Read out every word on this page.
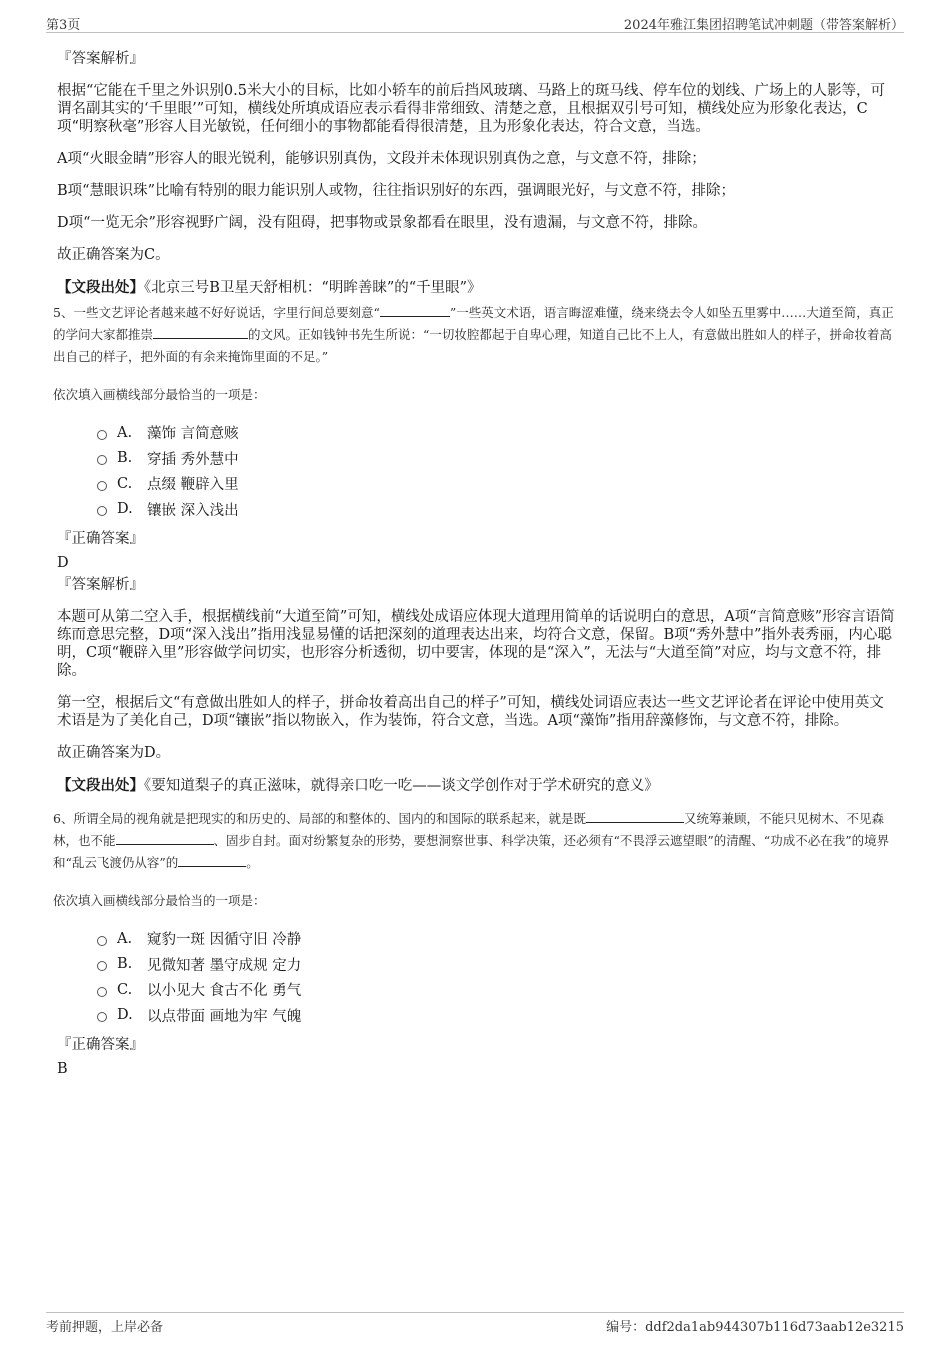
第3页	2024年雅江集团招聘笔试冲刺题（带答案解析）
『答案解析』

根据“它能在千里之外识别0.5米大小的目标，比如小轿车的前后挡风玻璃、马路上的斑马线、停车位的划线、广场上的人影等，可谓名副其实的‘千里眼’”可知，横线处所填成语应表示看得非常细致、清楚之意，且根据双引号可知，横线处应为形象化表达，C项“明察秋毫”形容人目光敏锐，任何细小的事物都能看得很清楚，且为形象化表达，符合文意，当选。

A项“火眼金睛”形容人的眼光锐利，能够识别真伪，文段并未体现识别真伪之意，与文意不符，排除；

B项“慧眼识珠”比喻有特别的眼力能识别人或物，往往指识别好的东西，强调眼光好，与文意不符，排除；

D项“一览无余”形容视野广阔，没有阻碍，把事物或景象都看在眼里，没有遗漏，与文意不符，排除。

故正确答案为C。

【文段出处】《北京三号B卫星天舒相机：“明眸善睐”的“千里眼”》

5、一些文艺评论者越来越不好好说话，字里行间总要刻意“	”一些英文术语，语言晦涩难懂，绕来绕去令人如坠五里雾中……大道至简，真正的学问大家都推崇	的文风。正如钱钟书先生所说：“一切妆腔都起于自卑心理，知道自己比不上人，有意做出胜如人的样子，拼命妆着高出自己的样子，把外面的有余来掩饰里面的不足。”

依次填入画横线部分最恰当的一项是：

A.	藻饰 言简意赅
B.	穿插 秀外慧中
C.	点缀 鞭辟入里
D. 镶嵌 深入浅出
『正确答案』
D
『答案解析』

本题可从第二空入手，根据横线前“大道至简”可知，横线处成语应体现大道理用简单的话说明白的意思，A项“言简意赅”形容言语简练而意思完整，D项“深入浅出”指用浅显易懂的话把深刻的道理表达出来，均符合文意，保留。B项“秀外慧中”指外表秀丽，内心聪明，C项“鞭辟入里”形容做学问切实，也形容分析透彻，切中要害，体现的是“深入”，无法与“大道至简”对应，均与文意不符，排除。

第一空，根据后文“有意做出胜如人的样子，拼命妆着高出自己的样子”可知，横线处词语应表达一些文艺评论者在评论中使用英文术语是为了美化自己，D项“镶嵌”指以物嵌入，作为装饰，符合文意，当选。A项“藻饰”指用辞藻修饰，与文意不符，排除。

故正确答案为D。

【文段出处】《要知道梨子的真正滋味，就得亲口吃一吃——谈文学创作对于学术研究的意义》

6、所谓全局的视角就是把现实的和历史的、局部的和整体的、国内的和国际的联系起来，就是既	又统筹兼顾，不能只见树木、不见森林，也不能	、固步自封。面对纷繁复杂的形势，要想洞察世事、科学决策，还必须有“不畏浮云遮望眼”的清醒、“功成不必在我”的境界和“乱云飞渡仍从容”的	。

依次填入画横线部分最恰当的一项是：

A.	窥豹一斑 因循守旧 冷静
B.	见微知著 墨守成规 定力
C.	以小见大 食古不化 勇气
D. 以点带面 画地为牢 气魄
『正确答案』
B
考前押题，上岸必备	编号：ddf2da1ab944307b116d73aab12e3215
